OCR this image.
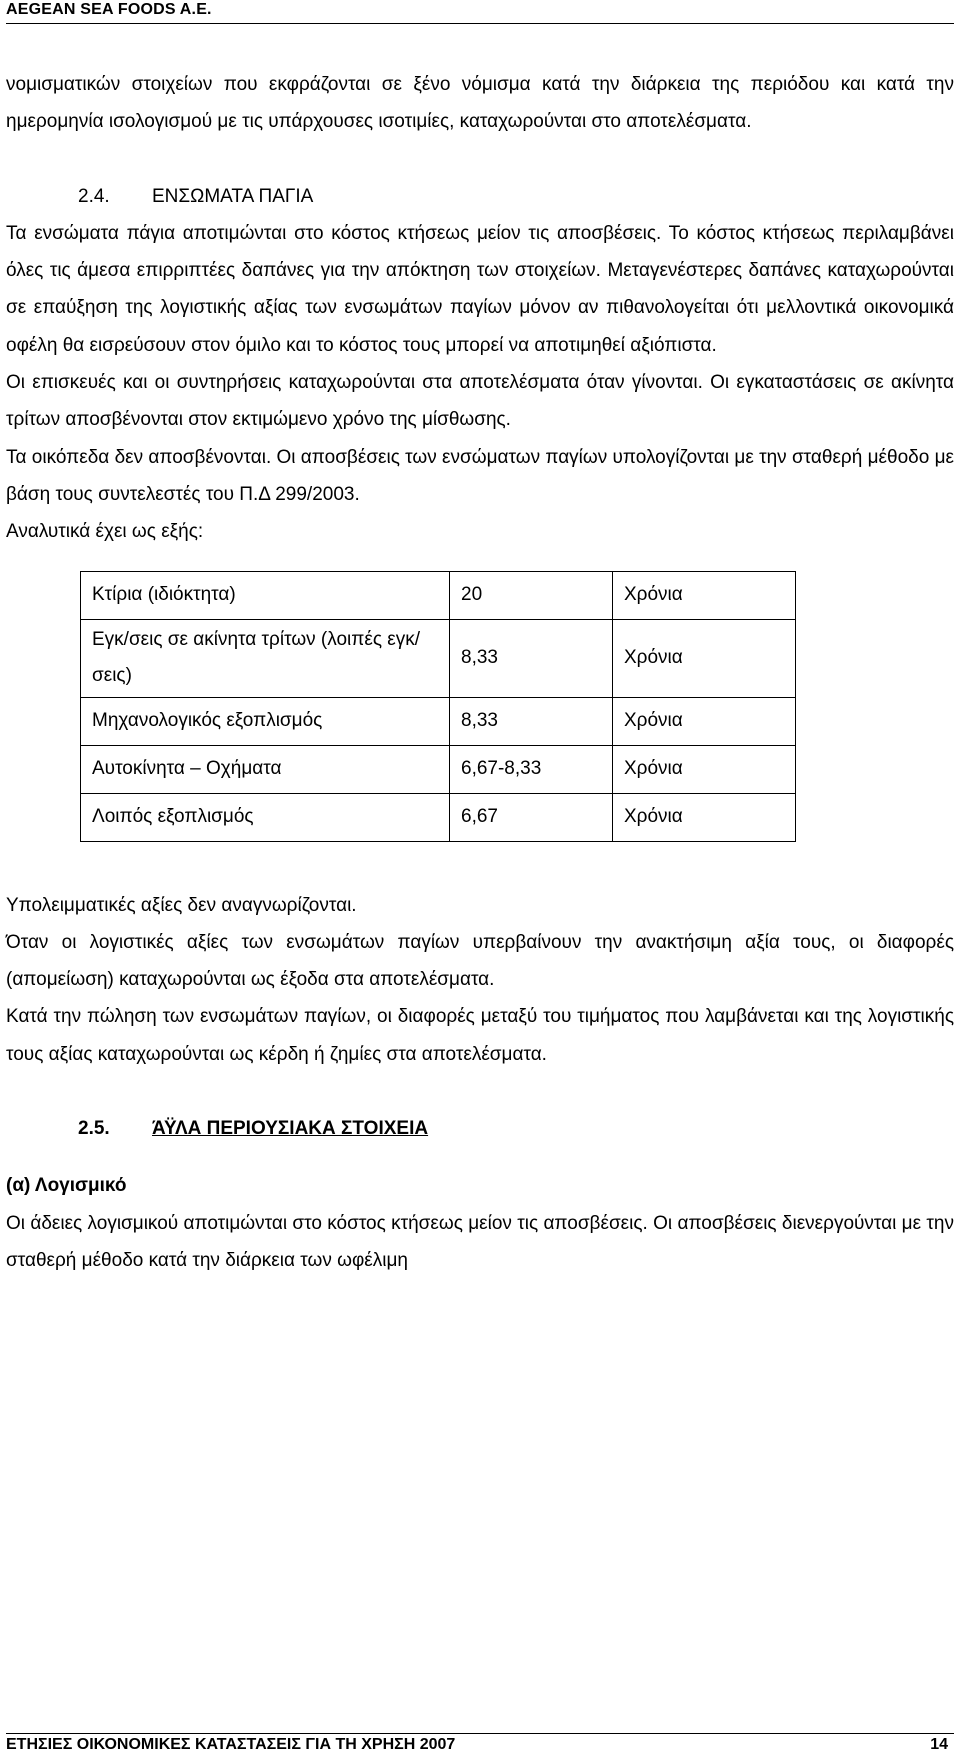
AEGEAN SEA FOODS A.E.

νομισματικών στοιχείων που εκφράζονται σε ξένο νόμισμα κατά την διάρκεια της περιόδου και κατά την ημερομηνία ισολογισμού με τις υπάρχουσες ισοτιμίες, καταχωρούνται στο αποτελέσματα.

2.4. ΕΝΣΩΜΑΤΑ ΠΑΓΙΑ

Τα ενσώματα πάγια αποτιμώνται στο κόστος κτήσεως μείον τις αποσβέσεις. Το κόστος κτήσεως περιλαμβάνει όλες τις άμεσα επιρριπτέες δαπάνες για την απόκτηση των στοιχείων. Μεταγενέστερες δαπάνες καταχωρούνται σε επαύξηση της λογιστικής αξίας των ενσωμάτων παγίων μόνον αν πιθανολογείται ότι μελλοντικά οικονομικά οφέλη θα εισρεύσουν στον όμιλο και το κόστος τους μπορεί να αποτιμηθεί αξιόπιστα.

Οι επισκευές και οι συντηρήσεις καταχωρούνται στα αποτελέσματα όταν γίνονται. Οι εγκαταστάσεις σε ακίνητα τρίτων αποσβένονται στον εκτιμώμενο χρόνο της μίσθωσης.

Τα οικόπεδα δεν αποσβένονται. Οι αποσβέσεις των ενσώματων παγίων υπολογίζονται με την σταθερή μέθοδο με βάση τους συντελεστές του Π.Δ 299/2003.

Αναλυτικά έχει ως εξής:

Κτίρια (ιδιόκτητα)	20	Χρόνια
Εγκ/σεις σε ακίνητα τρίτων (λοιπές εγκ/σεις)	8,33	Χρόνια
Μηχανολογικός εξοπλισμός	8,33	Χρόνια
Αυτοκίνητα – Οχήματα	6,67-8,33	Χρόνια
Λοιπός εξοπλισμός	6,67	Χρόνια

Υπολειμματικές αξίες δεν αναγνωρίζονται.

Όταν οι λογιστικές αξίες των ενσωμάτων παγίων υπερβαίνουν την ανακτήσιμη αξία τους, οι διαφορές (απομείωση) καταχωρούνται ως έξοδα στα αποτελέσματα.

Κατά την πώληση των ενσωμάτων παγίων, οι διαφορές μεταξύ του τιμήματος που λαμβάνεται και της λογιστικής τους αξίας καταχωρούνται ως κέρδη ή ζημίες στα αποτελέσματα.

2.5. ΆΫΛΑ ΠΕΡΙΟΥΣΙΑΚΑ ΣΤΟΙΧΕΙΑ

(α) Λογισμικό

Οι άδειες λογισμικού αποτιμώνται στο κόστος κτήσεως μείον τις αποσβέσεις. Οι αποσβέσεις διενεργούνται με την σταθερή μέθοδο κατά την διάρκεια των ωφέλιμη

ΕΤΗΣΙΕΣ ΟΙΚΟΝΟΜΙΚΕΣ ΚΑΤΑΣΤΑΣΕΙΣ ΓΙΑ ΤΗ ΧΡΗΣΗ 2007	14
